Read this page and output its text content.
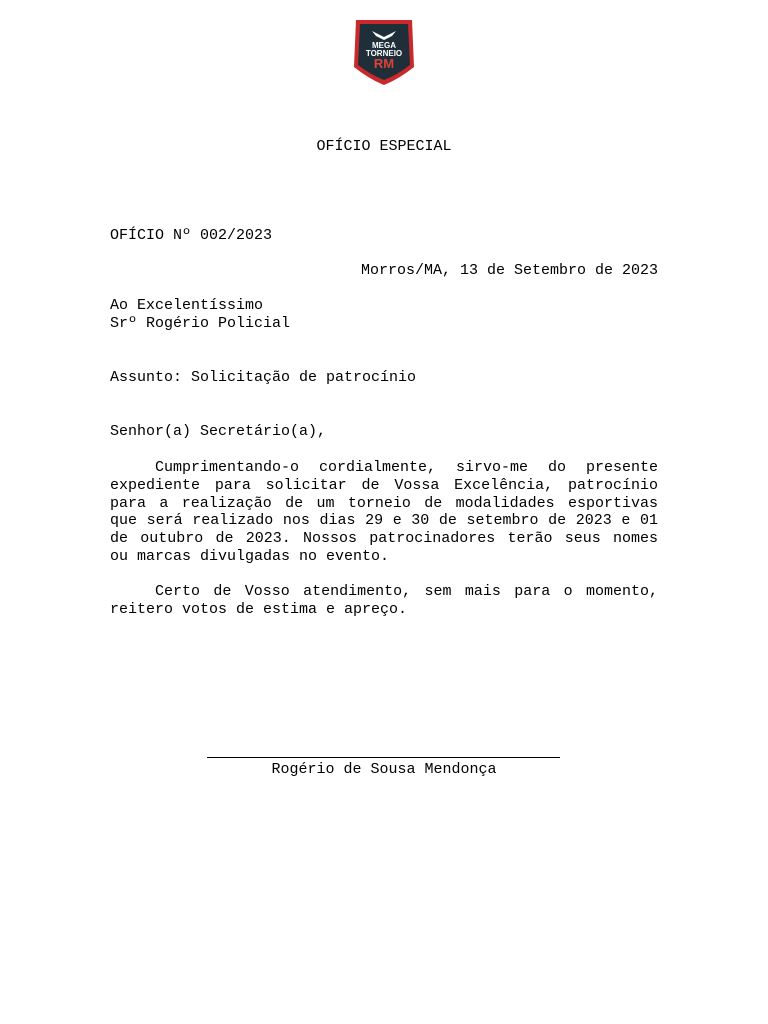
MEGA
TORNEIO
RM
OFÍCIO ESPECIAL
OFÍCIO Nº 002/2023
Morros/MA, 13 de Setembro de 2023
Ao Excelentíssimo
Srº Rogério Policial
Assunto: Solicitação de patrocínio
Senhor(a) Secretário(a),
Cumprimentando-o cordialmente, sirvo-me do presente expediente para solicitar de Vossa Excelência, patrocínio para a realização de um torneio de modalidades esportivas que será realizado nos dias 29 e 30 de setembro de 2023 e 01 de outubro de 2023. Nossos patrocinadores terão seus nomes ou marcas divulgadas no evento.
Certo de Vosso atendimento, sem mais para o momento, reitero votos de estima e apreço.
Rogério de Sousa Mendonça
